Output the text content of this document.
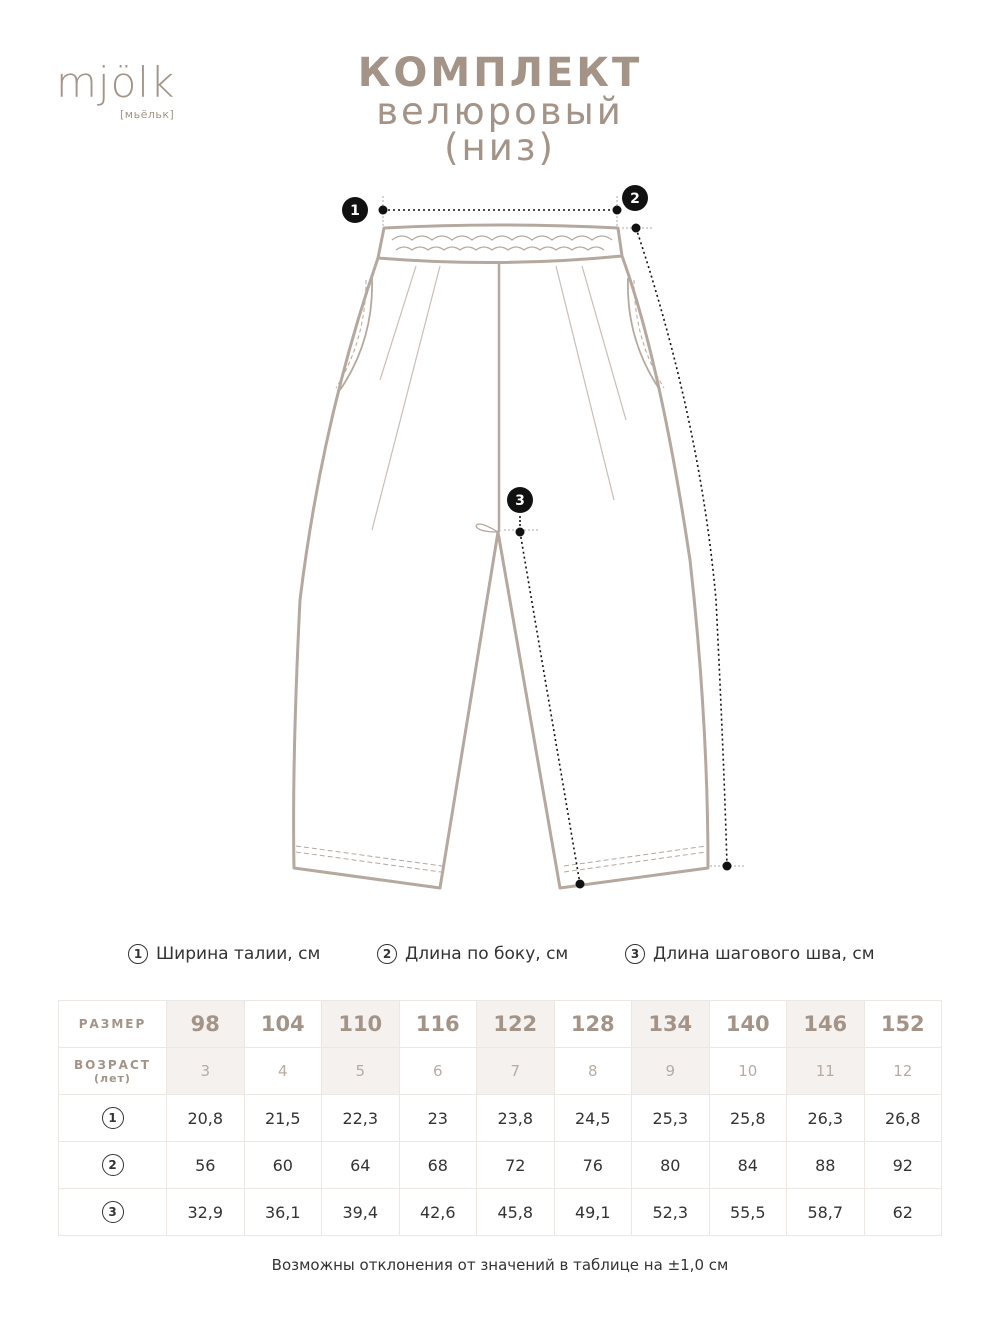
mjölk
[мьёльк]
КОМПЛЕКТ
велюровый
(низ)
1
2
3
1 Ширина талии, см	2 Длина по боку, см	3 Длина шагового шва, см
РАЗМЕР	98	104	110	116	122	128	134	140	146	152
ВОЗРАСТ
(лет)	3	4	5	6	7	8	9	10	11	12

1	20,8	21,5	22,3	23	23,8	24,5	25,3	25,8	26,3	26,8

2	56	60	64	68	72	76	80	84	88	92

3	32,9	36,1	39,4	42,6	45,8	49,1	52,3	55,5	58,7	62
Возможны отклонения от значений в таблице на ±1,0 см
